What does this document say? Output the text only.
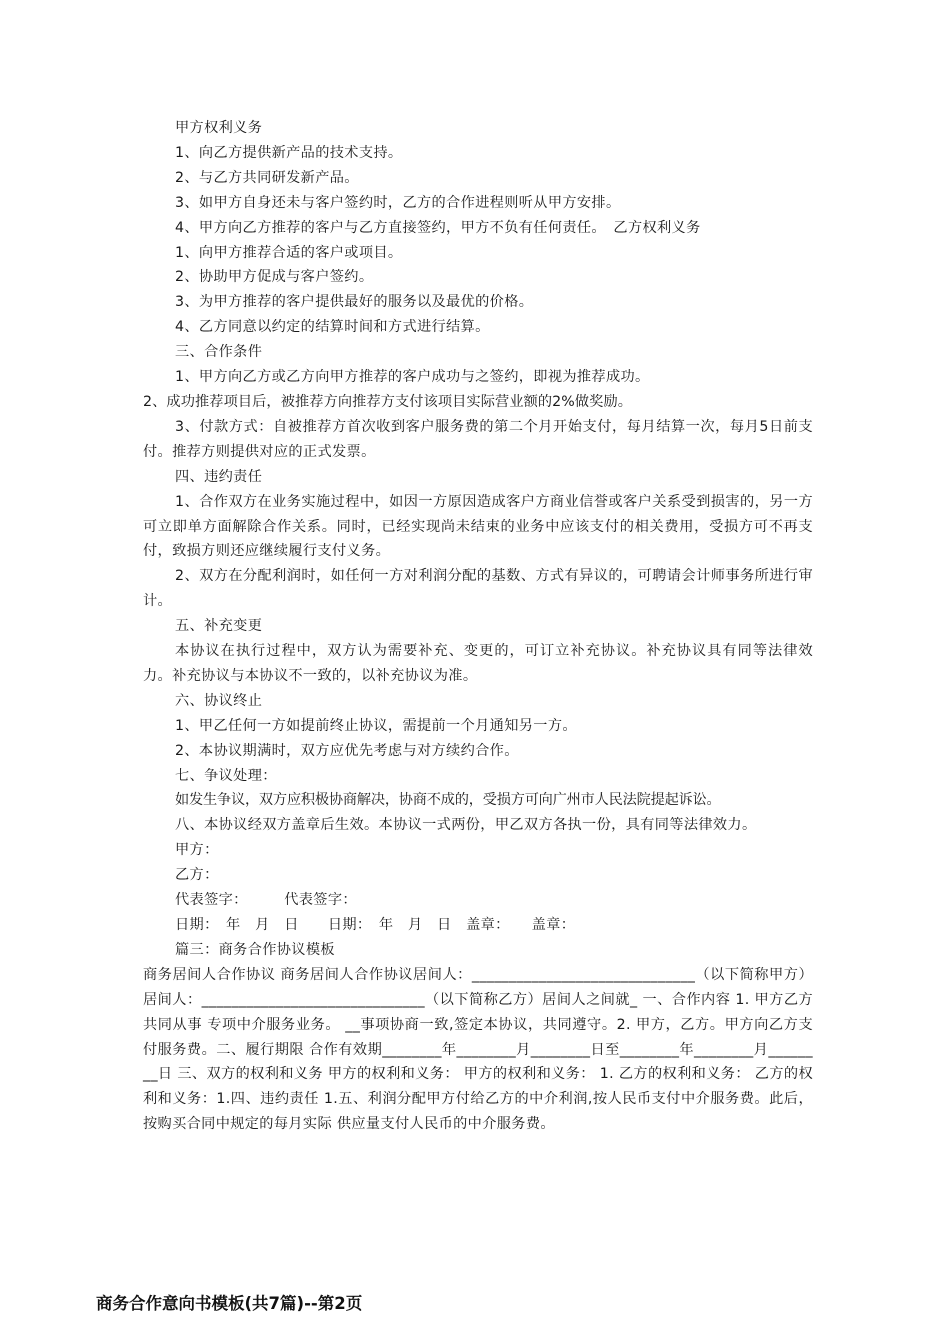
甲方权利义务
1、向乙方提供新产品的技术支持。
2、与乙方共同研发新产品。
3、如甲方自身还未与客户签约时，乙方的合作进程则听从甲方安排。
4、甲方向乙方推荐的客户与乙方直接签约，甲方不负有任何责任。　乙方权利义务
1、向甲方推荐合适的客户或项目。
2、协助甲方促成与客户签约。
3、为甲方推荐的客户提供最好的服务以及最优的价格。
4、乙方同意以约定的结算时间和方式进行结算。
三、合作条件
1、甲方向乙方或乙方向甲方推荐的客户成功与之签约，即视为推荐成功。
2、成功推荐项目后，被推荐方向推荐方支付该项目实际营业额的2%做奖励。
3、付款方式：自被推荐方首次收到客户服务费的第二个月开始支付，每月结算一次，每月5日前支付。推荐方则提供对应的正式发票。
四、违约责任
1、合作双方在业务实施过程中，如因一方原因造成客户方商业信誉或客户关系受到损害的，另一方可立即单方面解除合作关系。同时，已经实现尚未结束的业务中应该支付的相关费用，受损方可不再支付，致损方则还应继续履行支付义务。
2、双方在分配利润时，如任何一方对利润分配的基数、方式有异议的，可聘请会计师事务所进行审计。
五、补充变更
本协议在执行过程中，双方认为需要补充、变更的，可订立补充协议。补充协议具有同等法律效力。补充协议与本协议不一致的，以补充协议为准。
六、协议终止
1、甲乙任何一方如提前终止协议，需提前一个月通知另一方。
2、本协议期满时，双方应优先考虑与对方续约合作。
七、争议处理：
如发生争议，双方应积极协商解决，协商不成的，受损方可向广州市人民法院提起诉讼。
八、本协议经双方盖章后生效。本协议一式两份，甲乙双方各执一份，具有同等法律效力。
甲方：
乙方：
代表签字：　　　代表签字：
日期：　年　月　日　　日期：　年　月　日　盖章：　　盖章：
篇三：商务合作协议模板
商务居间人合作协议 商务居间人合作协议居间人：______________________________（以下简称甲方）居间人：______________________________（以下简称乙方）居间人之间就_ 一、合作内容 1. 甲方乙方共同从事 专项中介服务业务。 __事项协商一致,签定本协议，共同遵守。2. 甲方，乙方。甲方向乙方支付服务费。二、履行期限 合作有效期________年________月________日至________年________月________日 三、双方的权利和义务 甲方的权利和义务： 甲方的权利和义务： 1. 乙方的权利和义务： 乙方的权利和义务：1.四、违约责任 1.五、利润分配甲方付给乙方的中介利润,按人民币支付中介服务费。此后，按购买合同中规定的每月实际 供应量支付人民币的中介服务费。
商务合作意向书模板(共7篇)--第2页
